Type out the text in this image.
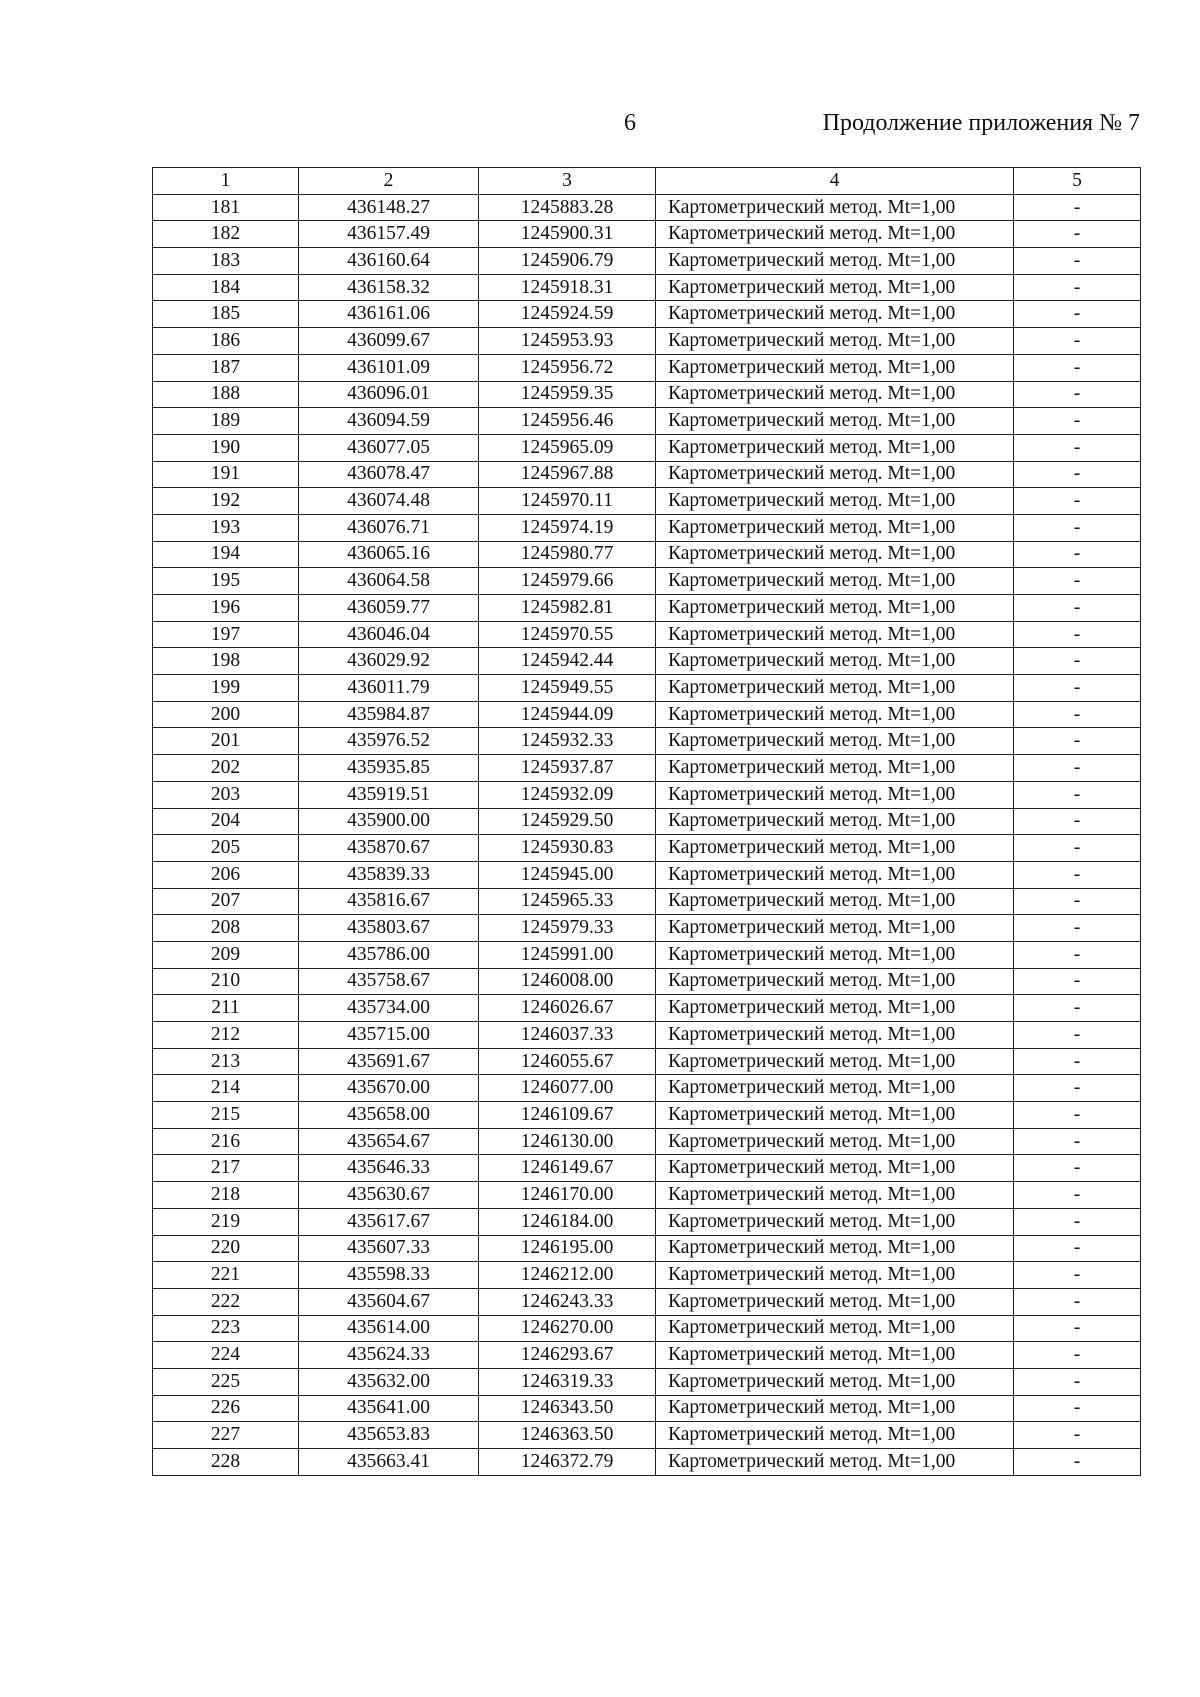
6	Продолжение приложения № 7
1	2	3	4	5
181	436148.27	1245883.28	Картометрический метод. Mt=1,00	-
182	436157.49	1245900.31	Картометрический метод. Mt=1,00	-
183	436160.64	1245906.79	Картометрический метод. Mt=1,00	-
184	436158.32	1245918.31	Картометрический метод. Mt=1,00	-
185	436161.06	1245924.59	Картометрический метод. Mt=1,00	-
186	436099.67	1245953.93	Картометрический метод. Mt=1,00	-
187	436101.09	1245956.72	Картометрический метод. Mt=1,00	-
188	436096.01	1245959.35	Картометрический метод. Mt=1,00	-
189	436094.59	1245956.46	Картометрический метод. Mt=1,00	-
190	436077.05	1245965.09	Картометрический метод. Mt=1,00	-
191	436078.47	1245967.88	Картометрический метод. Mt=1,00	-
192	436074.48	1245970.11	Картометрический метод. Mt=1,00	-
193	436076.71	1245974.19	Картометрический метод. Mt=1,00	-
194	436065.16	1245980.77	Картометрический метод. Mt=1,00	-
195	436064.58	1245979.66	Картометрический метод. Mt=1,00	-
196	436059.77	1245982.81	Картометрический метод. Mt=1,00	-
197	436046.04	1245970.55	Картометрический метод. Mt=1,00	-
198	436029.92	1245942.44	Картометрический метод. Mt=1,00	-
199	436011.79	1245949.55	Картометрический метод. Mt=1,00	-
200	435984.87	1245944.09	Картометрический метод. Mt=1,00	-
201	435976.52	1245932.33	Картометрический метод. Mt=1,00	-
202	435935.85	1245937.87	Картометрический метод. Mt=1,00	-
203	435919.51	1245932.09	Картометрический метод. Mt=1,00	-
204	435900.00	1245929.50	Картометрический метод. Mt=1,00	-
205	435870.67	1245930.83	Картометрический метод. Mt=1,00	-
206	435839.33	1245945.00	Картометрический метод. Mt=1,00	-
207	435816.67	1245965.33	Картометрический метод. Mt=1,00	-
208	435803.67	1245979.33	Картометрический метод. Mt=1,00	-
209	435786.00	1245991.00	Картометрический метод. Mt=1,00	-
210	435758.67	1246008.00	Картометрический метод. Mt=1,00	-
211	435734.00	1246026.67	Картометрический метод. Mt=1,00	-
212	435715.00	1246037.33	Картометрический метод. Mt=1,00	-
213	435691.67	1246055.67	Картометрический метод. Mt=1,00	-
214	435670.00	1246077.00	Картометрический метод. Mt=1,00	-
215	435658.00	1246109.67	Картометрический метод. Mt=1,00	-
216	435654.67	1246130.00	Картометрический метод. Mt=1,00	-
217	435646.33	1246149.67	Картометрический метод. Mt=1,00	-
218	435630.67	1246170.00	Картометрический метод. Mt=1,00	-
219	435617.67	1246184.00	Картометрический метод. Mt=1,00	-
220	435607.33	1246195.00	Картометрический метод. Mt=1,00	-
221	435598.33	1246212.00	Картометрический метод. Mt=1,00	-
222	435604.67	1246243.33	Картометрический метод. Mt=1,00	-
223	435614.00	1246270.00	Картометрический метод. Mt=1,00	-
224	435624.33	1246293.67	Картометрический метод. Mt=1,00	-
225	435632.00	1246319.33	Картометрический метод. Mt=1,00	-
226	435641.00	1246343.50	Картометрический метод. Mt=1,00	-
227	435653.83	1246363.50	Картометрический метод. Mt=1,00	-
228	435663.41	1246372.79	Картометрический метод. Mt=1,00	-
